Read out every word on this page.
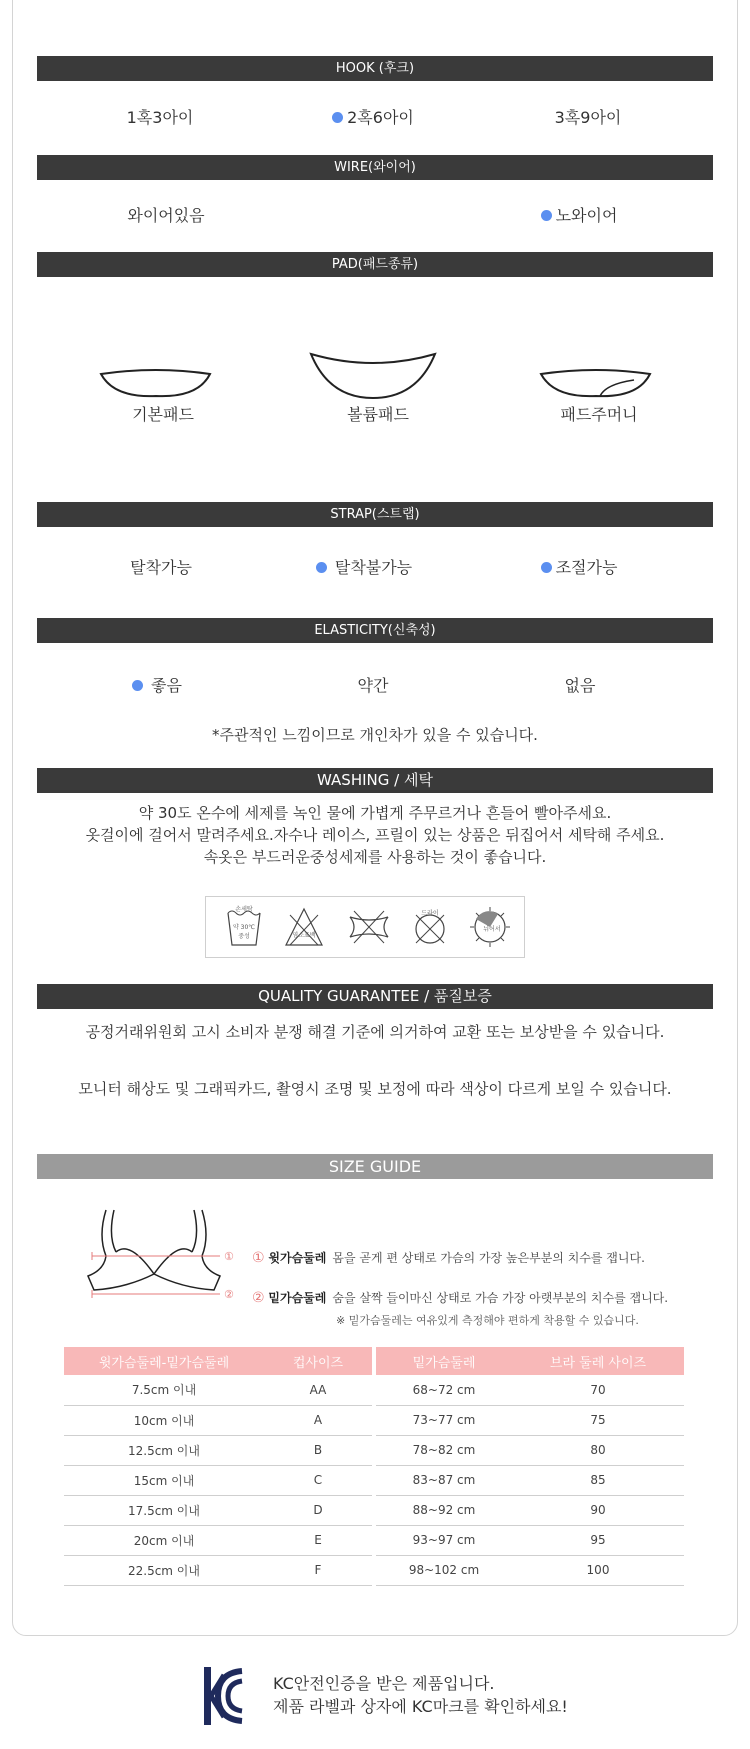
HOOK (후크)
1혹3아이	2혹6아이	3혹9아이
WIRE(와이어)
와이어있음	노와이어
PAD(패드종류)
기본패드	볼륨패드	패드주머니
STRAP(스트랩)
탈착가능	탈착불가능	조절가능
ELASTICITY(신축성)
좋음	약간	없음
*주관적인 느낌이므로 개인차가 있을 수 있습니다.
WASHING / 세탁
약 30도 온수에 세제를 녹인 물에 가볍게 주무르거나 흔들어 빨아주세요.
옷걸이에 걸어서 말려주세요.자수나 레이스, 프릴이 있는 상품은 뒤집어서 세탁해 주세요.
속옷은 부드러운중성세제를 사용하는 것이 좋습니다.
손세탁
약 30℃
중성	염소표백
드라이
뉘어서
QUALITY GUARANTEE / 품질보증
공정거래위원회 고시 소비자 분쟁 해결 기준에 의거하여 교환 또는 보상받을 수 있습니다.
모니터 해상도 및 그래픽카드, 촬영시 조명 및 보정에 따라 색상이 다르게 보일 수 있습니다.
SIZE GUIDE
①
②
① 윗가슴둘레 몸을 곧게 편 상태로 가슴의 가장 높은부분의 치수를 잽니다.
② 밑가슴둘레 숨을 살짝 들이마신 상태로 가슴 가장 아랫부분의 치수를 잽니다.
※ 밑가슴둘레는 여유있게 측정해야 편하게 착용할 수 있습니다.
윗가슴둘레-밑가슴둘레	컵사이즈
7.5cm 이내	AA
10cm 이내	A
12.5cm 이내	B
15cm 이내	C
17.5cm 이내	D
20cm 이내	E
22.5cm 이내	F
밑가슴둘레	브라 둘레 사이즈
68~72 cm	70
73~77 cm	75
78~82 cm	80
83~87 cm	85
88~92 cm	90
93~97 cm	95
98~102 cm	100
KC안전인증을 받은 제품입니다.
제품 라벨과 상자에 KC마크를 확인하세요!
